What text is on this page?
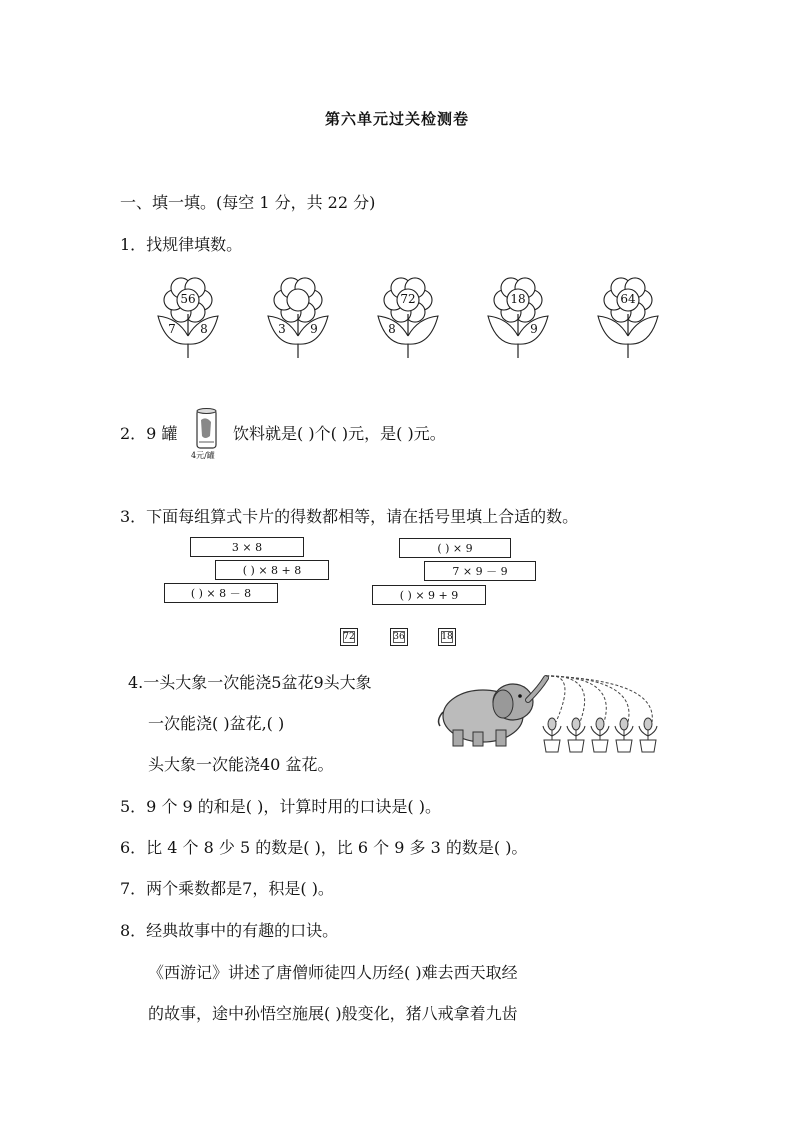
第六单元过关检测卷
一、填一填。(每空 1 分，共 22 分)
1．找规律填数。
56
7	8	3	9
72
8
18
9
64
2．9 罐
4元/罐
饮料就是( )个( )元，是( )元。
3．下面每组算式卡片的得数都相等，请在括号里填上合适的数。
3 × 8
( ) × 8 + 8
( ) × 8 － 8
( ) × 9
7 × 9 － 9
( ) × 9 + 9
72	36	18
4.一头大象一次能浇5盆花9头大象
一次能浇( )盆花,( )
头大象一次能浇40 盆花。
5．9 个 9 的和是( )，计算时用的口诀是( )。
6．比 4 个 8 少 5 的数是( )，比 6 个 9 多 3 的数是( )。
7．两个乘数都是7，积是( )。
8．经典故事中的有趣的口诀。
《西游记》讲述了唐僧师徒四人历经( )难去西天取经
的故事，途中孙悟空施展( )般变化，猪八戒拿着九齿
